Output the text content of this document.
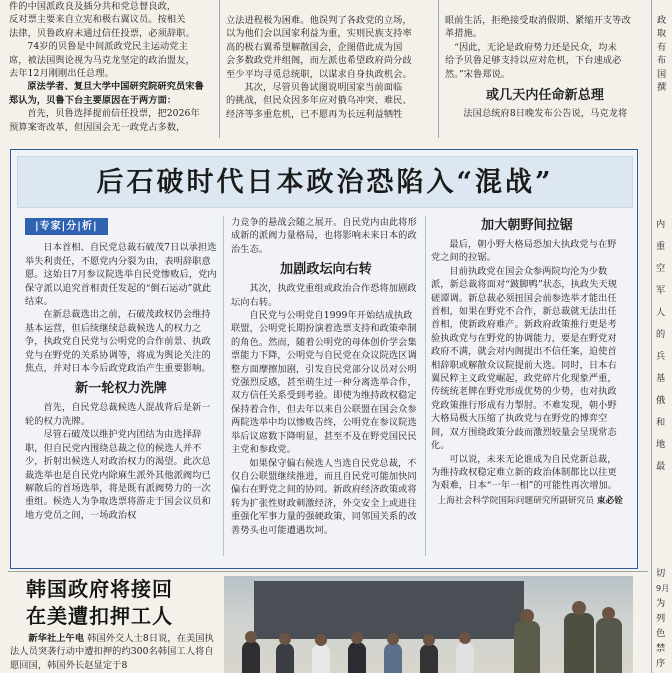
件的中国派政良及插分共和党总督良政，
反对票主要来自立宪和极右翼议员。按相关
法律，贝鲁政府未通过信任投票，必须辞职。
74岁的贝鲁是中间派政党民主运动党主
席，被法国舆论视为马克龙坚定的政治盟友，
去年12月刚刚出任总理。
原法学者、复旦大学中国研究院研究员宋鲁郑认为，贝鲁下台主要原因在于两方面：
首先，贝鲁选择提前信任投票，把2026年预算案寄改革，但因国会无一政党占多数，
立法进程极为困难。他误判了各政党的立场，
以为他们会以国家利益为重，实则民族支持率
高的极右翼希望解散国会，企图借此成为国
会多数政党并组阁，而左派也希望政府尚分歧
至少平均寻觅总统职，以谋求自身执政机会。
其次，尽管贝鲁试图说明国家当前面临
的挑战，但民众因多年应对俄乌冲突、难民、
经济等多重危机，已不愿再为长远利益牺牲
眼前生活，拒绝接受取消假期、紧缩开支等改
革措施。
“因此，无论是政府势力还是民众，均未
给予贝鲁足够支持以应对危机，下台速成必
然。”宋鲁郑说。
或几天内任命新总理
法国总统府8日晚发布公告说，马克龙将
政
取
有
布
国
撰
后石破时代日本政治恐陷入“混战”
|专家|分|析|

日本首相、自民党总裁石破茂7日以承担选举失利责任，不愿党内分裂为由，表明辞职意愿。这始日7月参议院选举自民党惨败后，党内保守派以追究首相责任发起的“倒石运动”就此结束。

在新总裁选出之前，石破茂政权仍会维持基本运营，但后续继续总裁候选人的权力之争，执政党自民党与公明党的合作前景、执政党与在野党的关系协调等，将成为舆论关注的焦点，并对日本今后政党政治产生重要影响。

新一轮权力洗牌

首先，自民党总裁候选人混战背后是新一轮的权力洗牌。

尽管石破茂以维护党内团结为由选择辞职，但自民党内围绕总裁之位的候选人并不少，折射出候选人对政治权力的渴望。此次总裁选举也是自民党内除麻生派外其他派阀均已解散后的首场选举，将是既有派阀势力的一次重组。候选人为争取选票将游走于国会议员和地方党员之间，一场政治权

力竞争的悬战会随之展开。自民党内由此将形成新的派阀力量格局，也将影响未来日本的政治生态。

加剧政坛向右转

其次，执政党重组或政治合作恐将加剧政坛向右转。

自民党与公明党自1999年开始结成执政联盟，公明党长期扮演着选票支持和政策牵制的角色。然而，随着公明党的母体创价学会集票能力下降，公明党与自民党在众议院选区调整方面摩擦加剧，引发自民党部分议员对公明党强烈反感，甚至萌生过一种分离选举合作，双方信任关系受到考验。即使为维持政权稳定保持着合作，但去年以来自公联盟在国会众参两院选举中均以惨败告终，公明党在参议院选举后议席数下降明显，甚至不及在野党国民民主党和参政党。

如果保守偏右候选人当选自民党总裁，不仅自公联盟继续推进，而且自民党可能加快同偏右在野党之间的协同。新政府经济政策或将转为扩张性财政刺激经济，外交安全上或进往重强化军事力量的强硬政策，同邻国关系的改善势头也可能遭遇坎坷。

加大朝野间拉锯

最后，朝小野大格局恐加大执政党与在野党之间的拉锯。

目前执政党在国会众参两院均沦为少数派，新总裁将面对“跛脚鸭”状态，执政失天规磋谭调。新总裁必须扭国会前参选举才能出任首相，如果在野党不合作，新总裁就无法出任首相，使新政府难产。新政府政策推行更是考验执政党与在野党的协调能力，要是在野党对政府不满，就会对内阁提出不信任案，迫使首相辞职或解散众议院提前大选。同时，日本右翼民粹主义政党崛起，政党碎片化现象严重，传统统老牌在野党形成优势的少势，也对执政党政策推行形成有力掣肘。不难发现，朝小野大格局极大压缩了执政党与在野党的博弈空间，双方围绕政策分歧而激烈较量会呈现常态化。

可以说，未来无论谁成为自民党新总裁，为维持政权稳定难立新的政治体制都比以往更为艰难，日本“一年一相”的可能性再次增加。

上海社会科学院国际问题研究所副研究员 束必铨
内
重
空
军
人
的
兵
基
俄
和
地
最
切
9月
为
列
色
禁
序
韩国政府将接回
在美遭扣押工人
新华社上午电 韩国外交人士8日说，在美国执法人员突袭行动中遭扣押的约300名韩国工人将自愿回国，韩国外长赵显定于8
